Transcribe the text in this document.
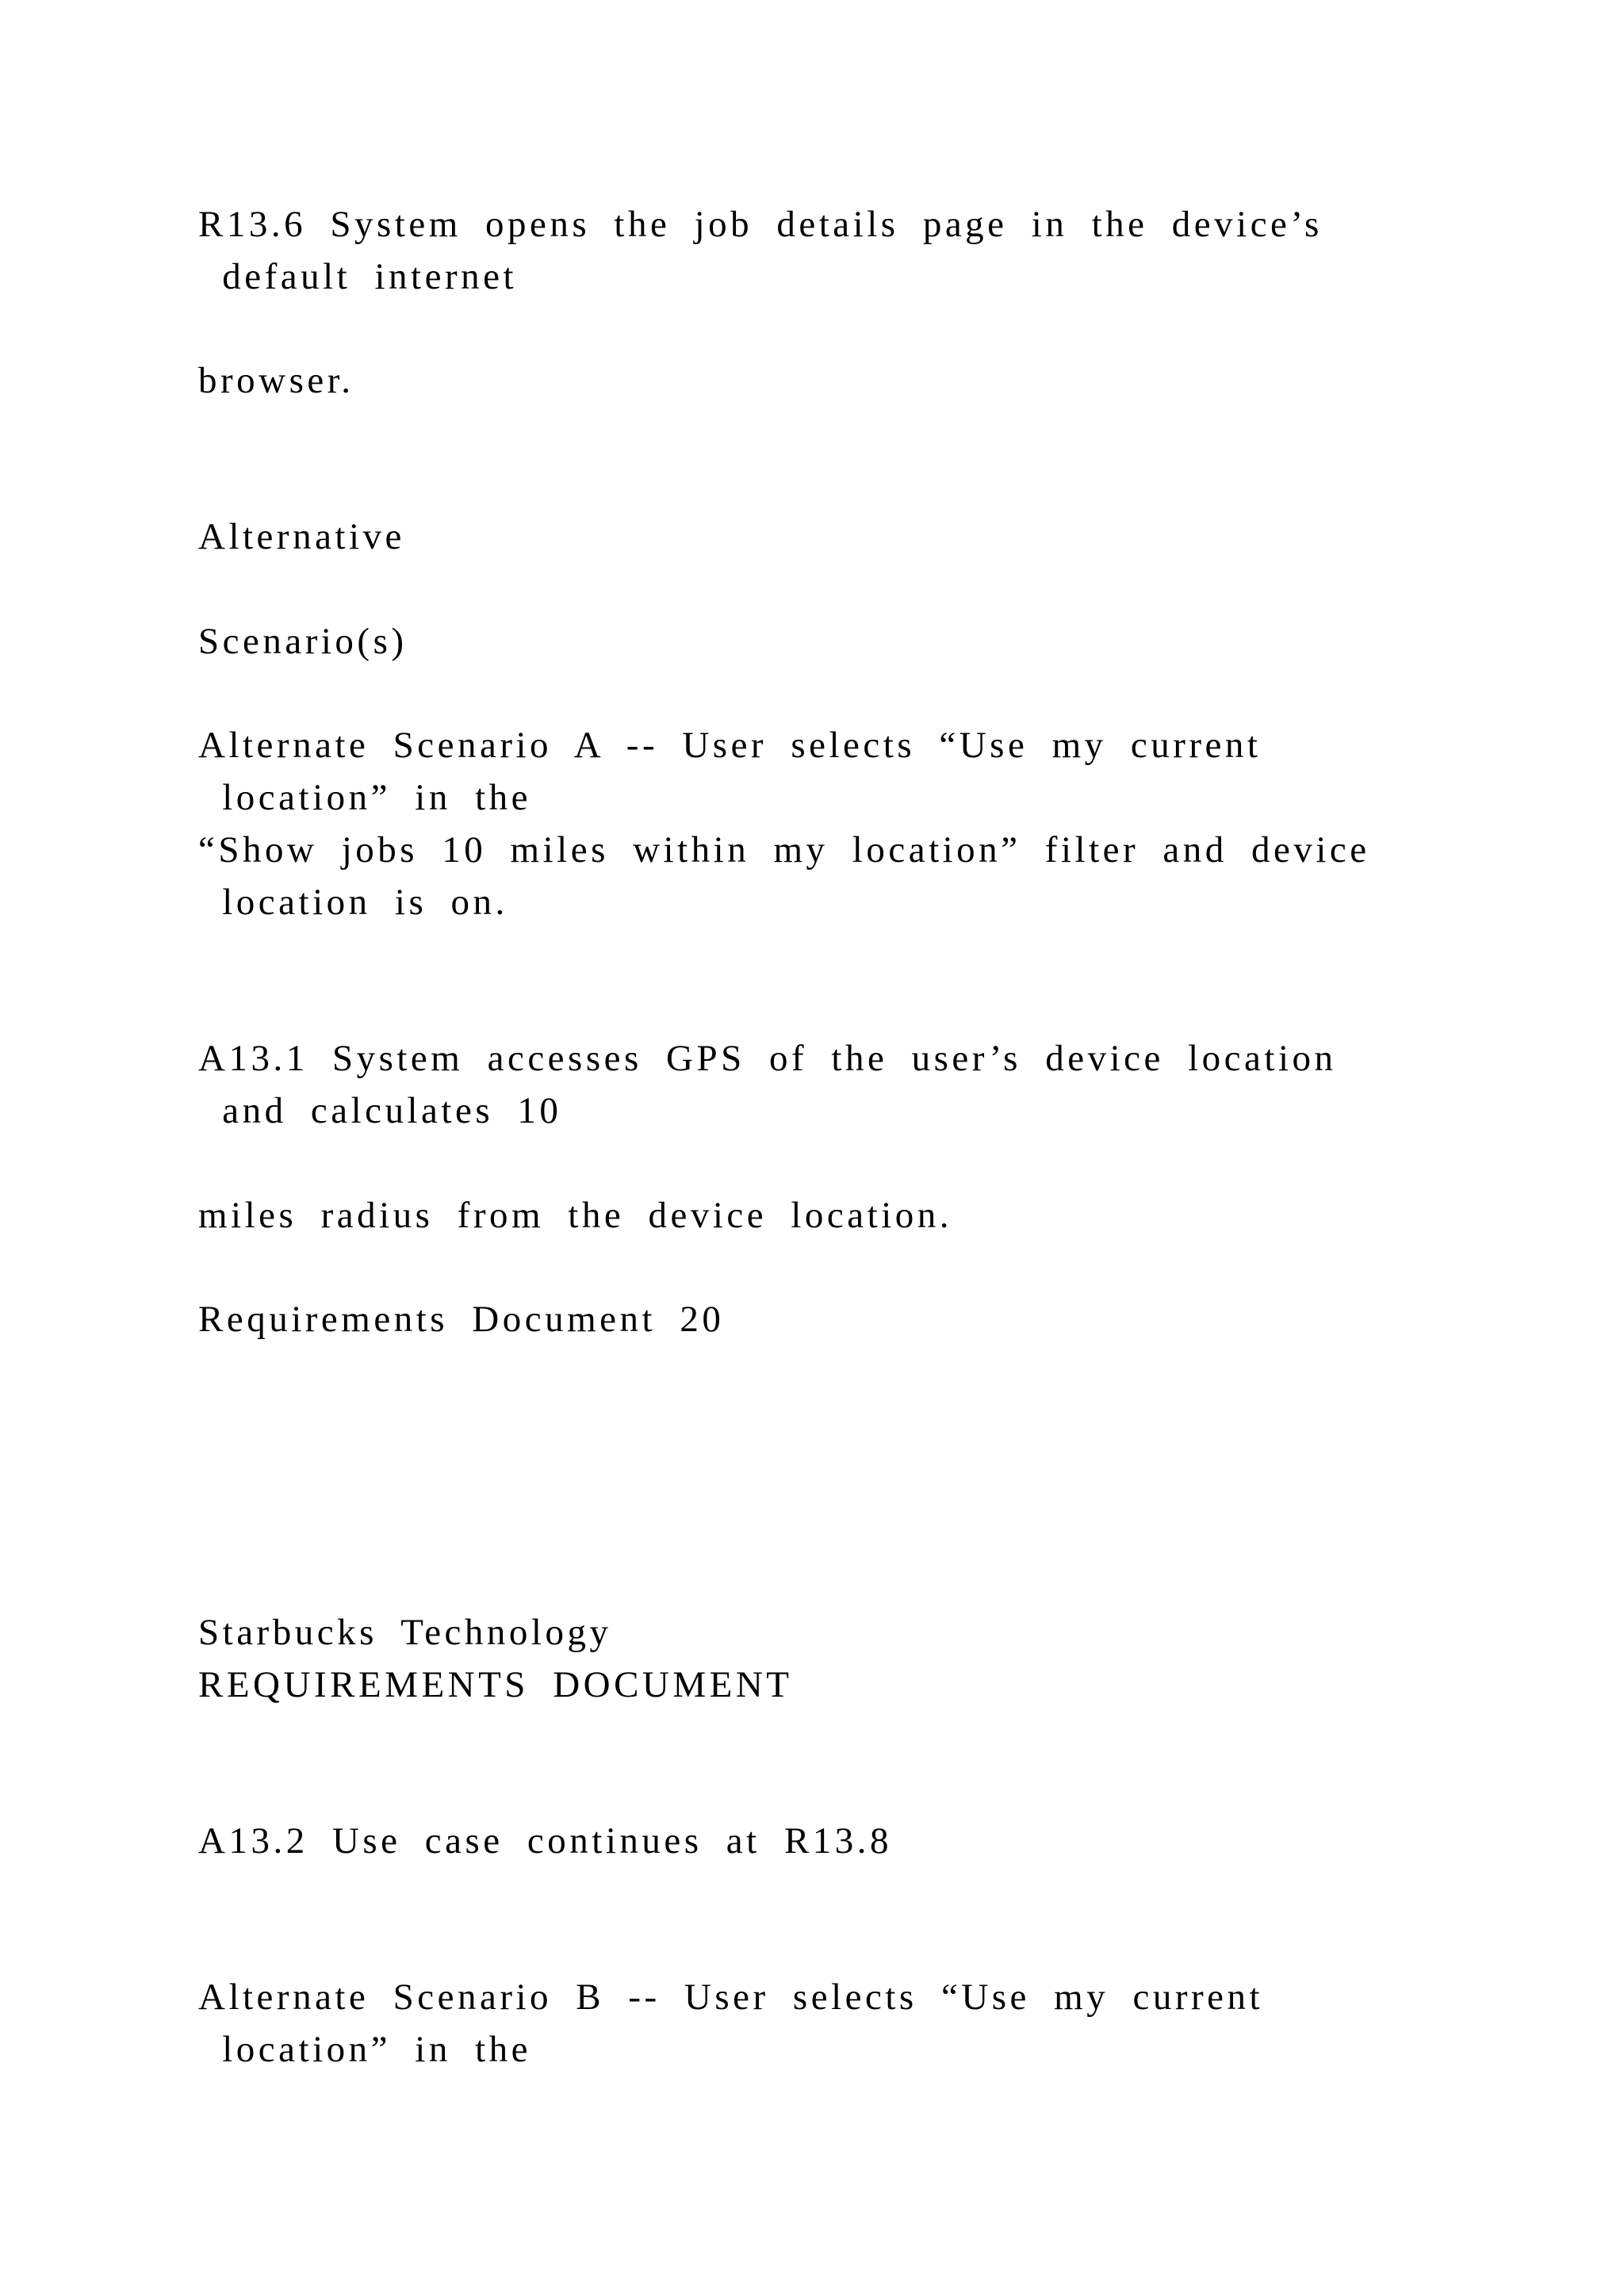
R13.6 System opens the job details page in the device’s

default internet

browser.

Alternative

Scenario(s)

Alternate Scenario A -- User selects “Use my current

location” in the

“Show jobs 10 miles within my location” filter and device

location is on.

A13.1 System accesses GPS of the user’s device location

and calculates 10

miles radius from the device location.

Requirements Document 20

Starbucks Technology

REQUIREMENTS DOCUMENT

A13.2 Use case continues at R13.8

Alternate Scenario B -- User selects “Use my current

location” in the
